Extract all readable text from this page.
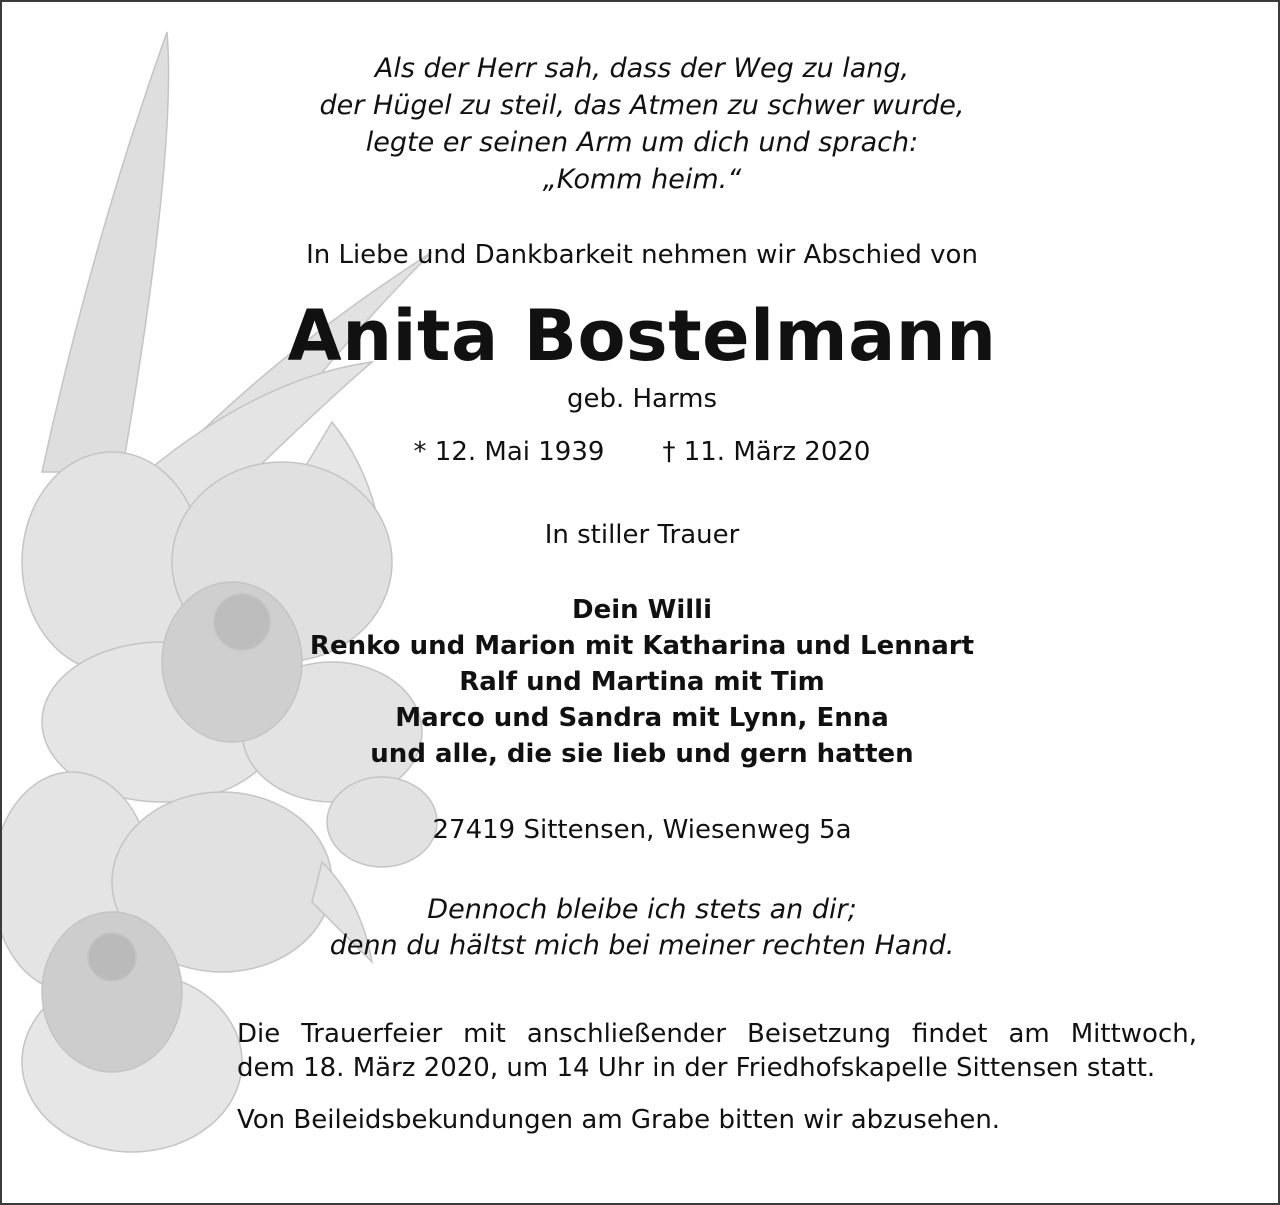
Als der Herr sah, dass der Weg zu lang,
der Hügel zu steil, das Atmen zu schwer wurde,
legte er seinen Arm um dich und sprach:
„Komm heim.“
In Liebe und Dankbarkeit nehmen wir Abschied von
Anita Bostelmann
geb. Harms
* 12. Mai 1939 † 11. März 2020
In stiller Trauer
Dein Willi
Renko und Marion mit Katharina und Lennart
Ralf und Martina mit Tim
Marco und Sandra mit Lynn, Enna
und alle, die sie lieb und gern hatten
27419 Sittensen, Wiesenweg 5a
Dennoch bleibe ich stets an dir;
denn du hältst mich bei meiner rechten Hand.
Die Trauerfeier mit anschließender Beisetzung findet am Mittwoch,
dem 18. März 2020, um 14 Uhr in der Friedhofskapelle Sittensen statt.
Von Beileidsbekundungen am Grabe bitten wir abzusehen.
